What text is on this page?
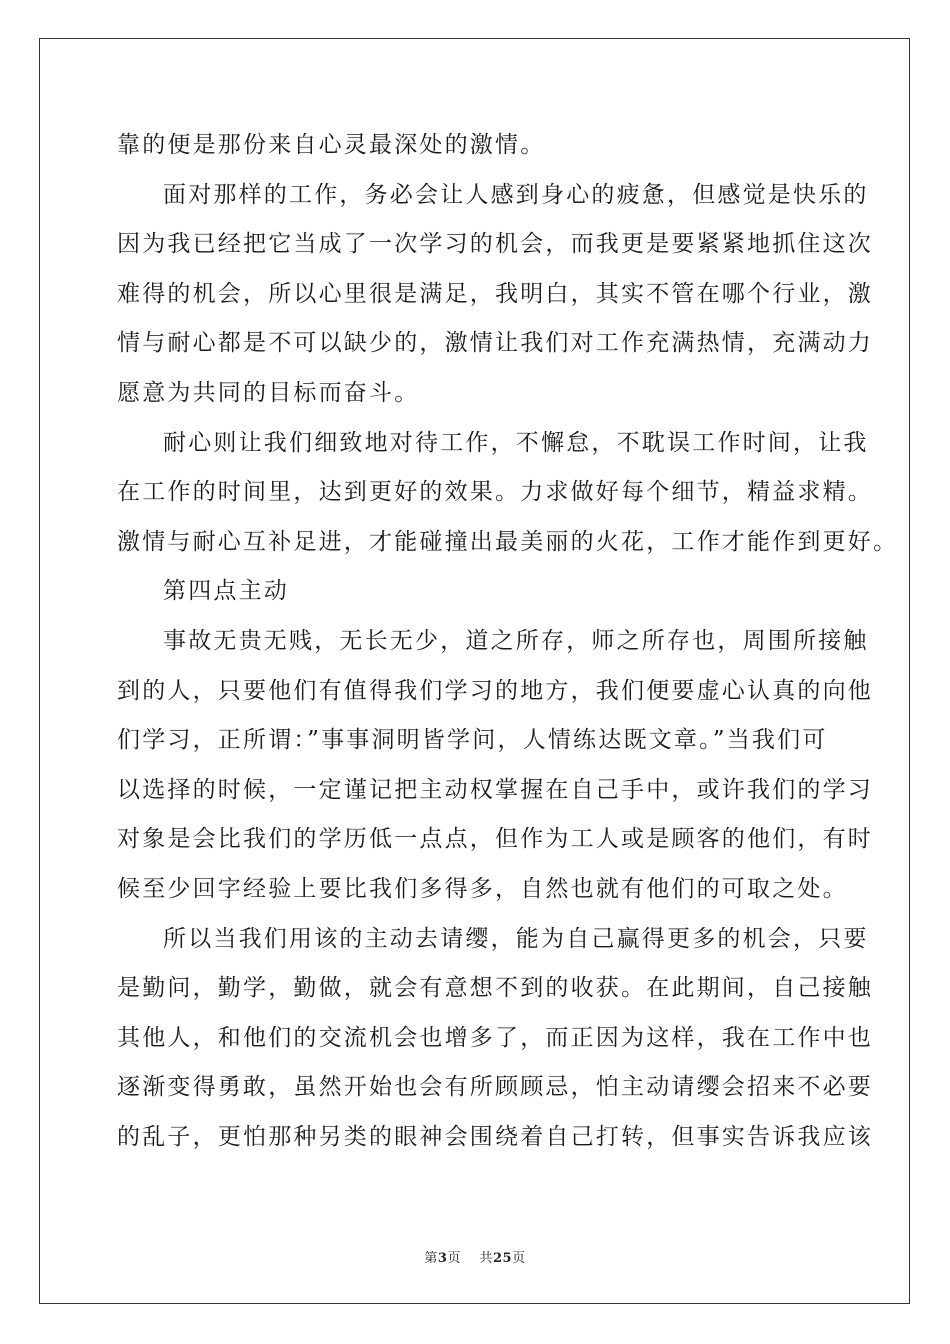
靠的便是那份来自心灵最深处的激情。
面对那样的工作，务必会让人感到身心的疲惫，但感觉是快乐的
因为我已经把它当成了一次学习的机会，而我更是要紧紧地抓住这次
难得的机会，所以心里很是满足，我明白，其实不管在哪个行业，激
情与耐心都是不可以缺少的，激情让我们对工作充满热情，充满动力
愿意为共同的目标而奋斗。
耐心则让我们细致地对待工作，不懈怠，不耽误工作时间，让我
在工作的时间里，达到更好的效果。力求做好每个细节，精益求精。
激情与耐心互补足进，才能碰撞出最美丽的火花，工作才能作到更好。
第四点主动
事故无贵无贱，无长无少，道之所存，师之所存也，周围所接触
到的人，只要他们有值得我们学习的地方，我们便要虚心认真的向他
们学习，正所谓：”事事洞明皆学问，人情练达既文章。”当我们可
以选择的时候，一定谨记把主动权掌握在自己手中，或许我们的学习
对象是会比我们的学历低一点点，但作为工人或是顾客的他们，有时
候至少回字经验上要比我们多得多，自然也就有他们的可取之处。
所以当我们用该的主动去请缨，能为自己赢得更多的机会，只要
是勤问，勤学，勤做，就会有意想不到的收获。在此期间，自己接触
其他人，和他们的交流机会也增多了，而正因为这样，我在工作中也
逐渐变得勇敢，虽然开始也会有所顾顾忌，怕主动请缨会招来不必要
的乱子，更怕那种另类的眼神会围绕着自己打转，但事实告诉我应该
第3页 共25页
